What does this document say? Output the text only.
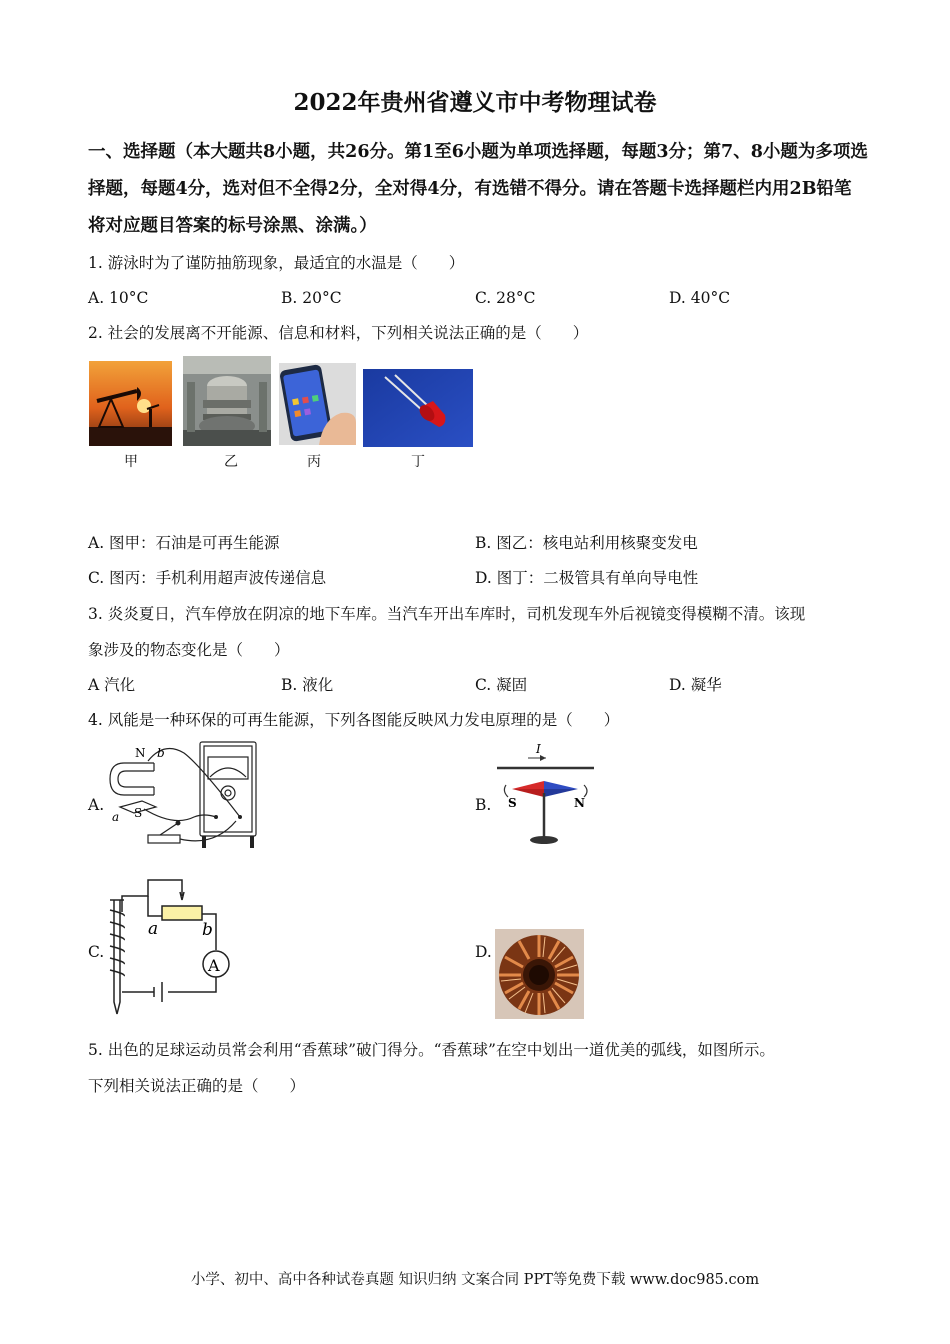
2022年贵州省遵义市中考物理试卷
一、选择题（本大题共8小题，共26分。第1至6小题为单项选择题，每题3分；第7、8小题为多项选择题，每题4分，选对但不全得2分，全对得4分，有选错不得分。请在答题卡选择题栏内用2B铅笔将对应题目答案的标号涂黑、涂满。）
1. 游泳时为了谨防抽筋现象，最适宜的水温是（　　）
A. 10°C	B. 20°C	C. 28°C	D. 40°C
2. 社会的发展离不开能源、信息和材料，下列相关说法正确的是（　　）
甲	乙	丙	丁
A. 图甲：石油是可再生能源	B. 图乙：核电站利用核聚变发电
C. 图丙：手机利用超声波传递信息	D. 图丁：二极管具有单向导电性
3. 炎炎夏日，汽车停放在阴凉的地下车库。当汽车开出车库时，司机发现车外后视镜变得模糊不清。该现
象涉及的物态变化是（　　）
A 汽化	B. 液化	C. 凝固	D. 凝华
4. 风能是一种环保的可再生能源，下列各图能反映风力发电原理的是（　　）
A.	B.
C.	D.
N
S
a
b	I
S	N
a	b
A
5. 出色的足球运动员常会利用“香蕉球”破门得分。“香蕉球”在空中划出一道优美的弧线，如图所示。
下列相关说法正确的是（　　）
小学、初中、高中各种试卷真题 知识归纳 文案合同 PPT等免费下载 www.doc985.com
